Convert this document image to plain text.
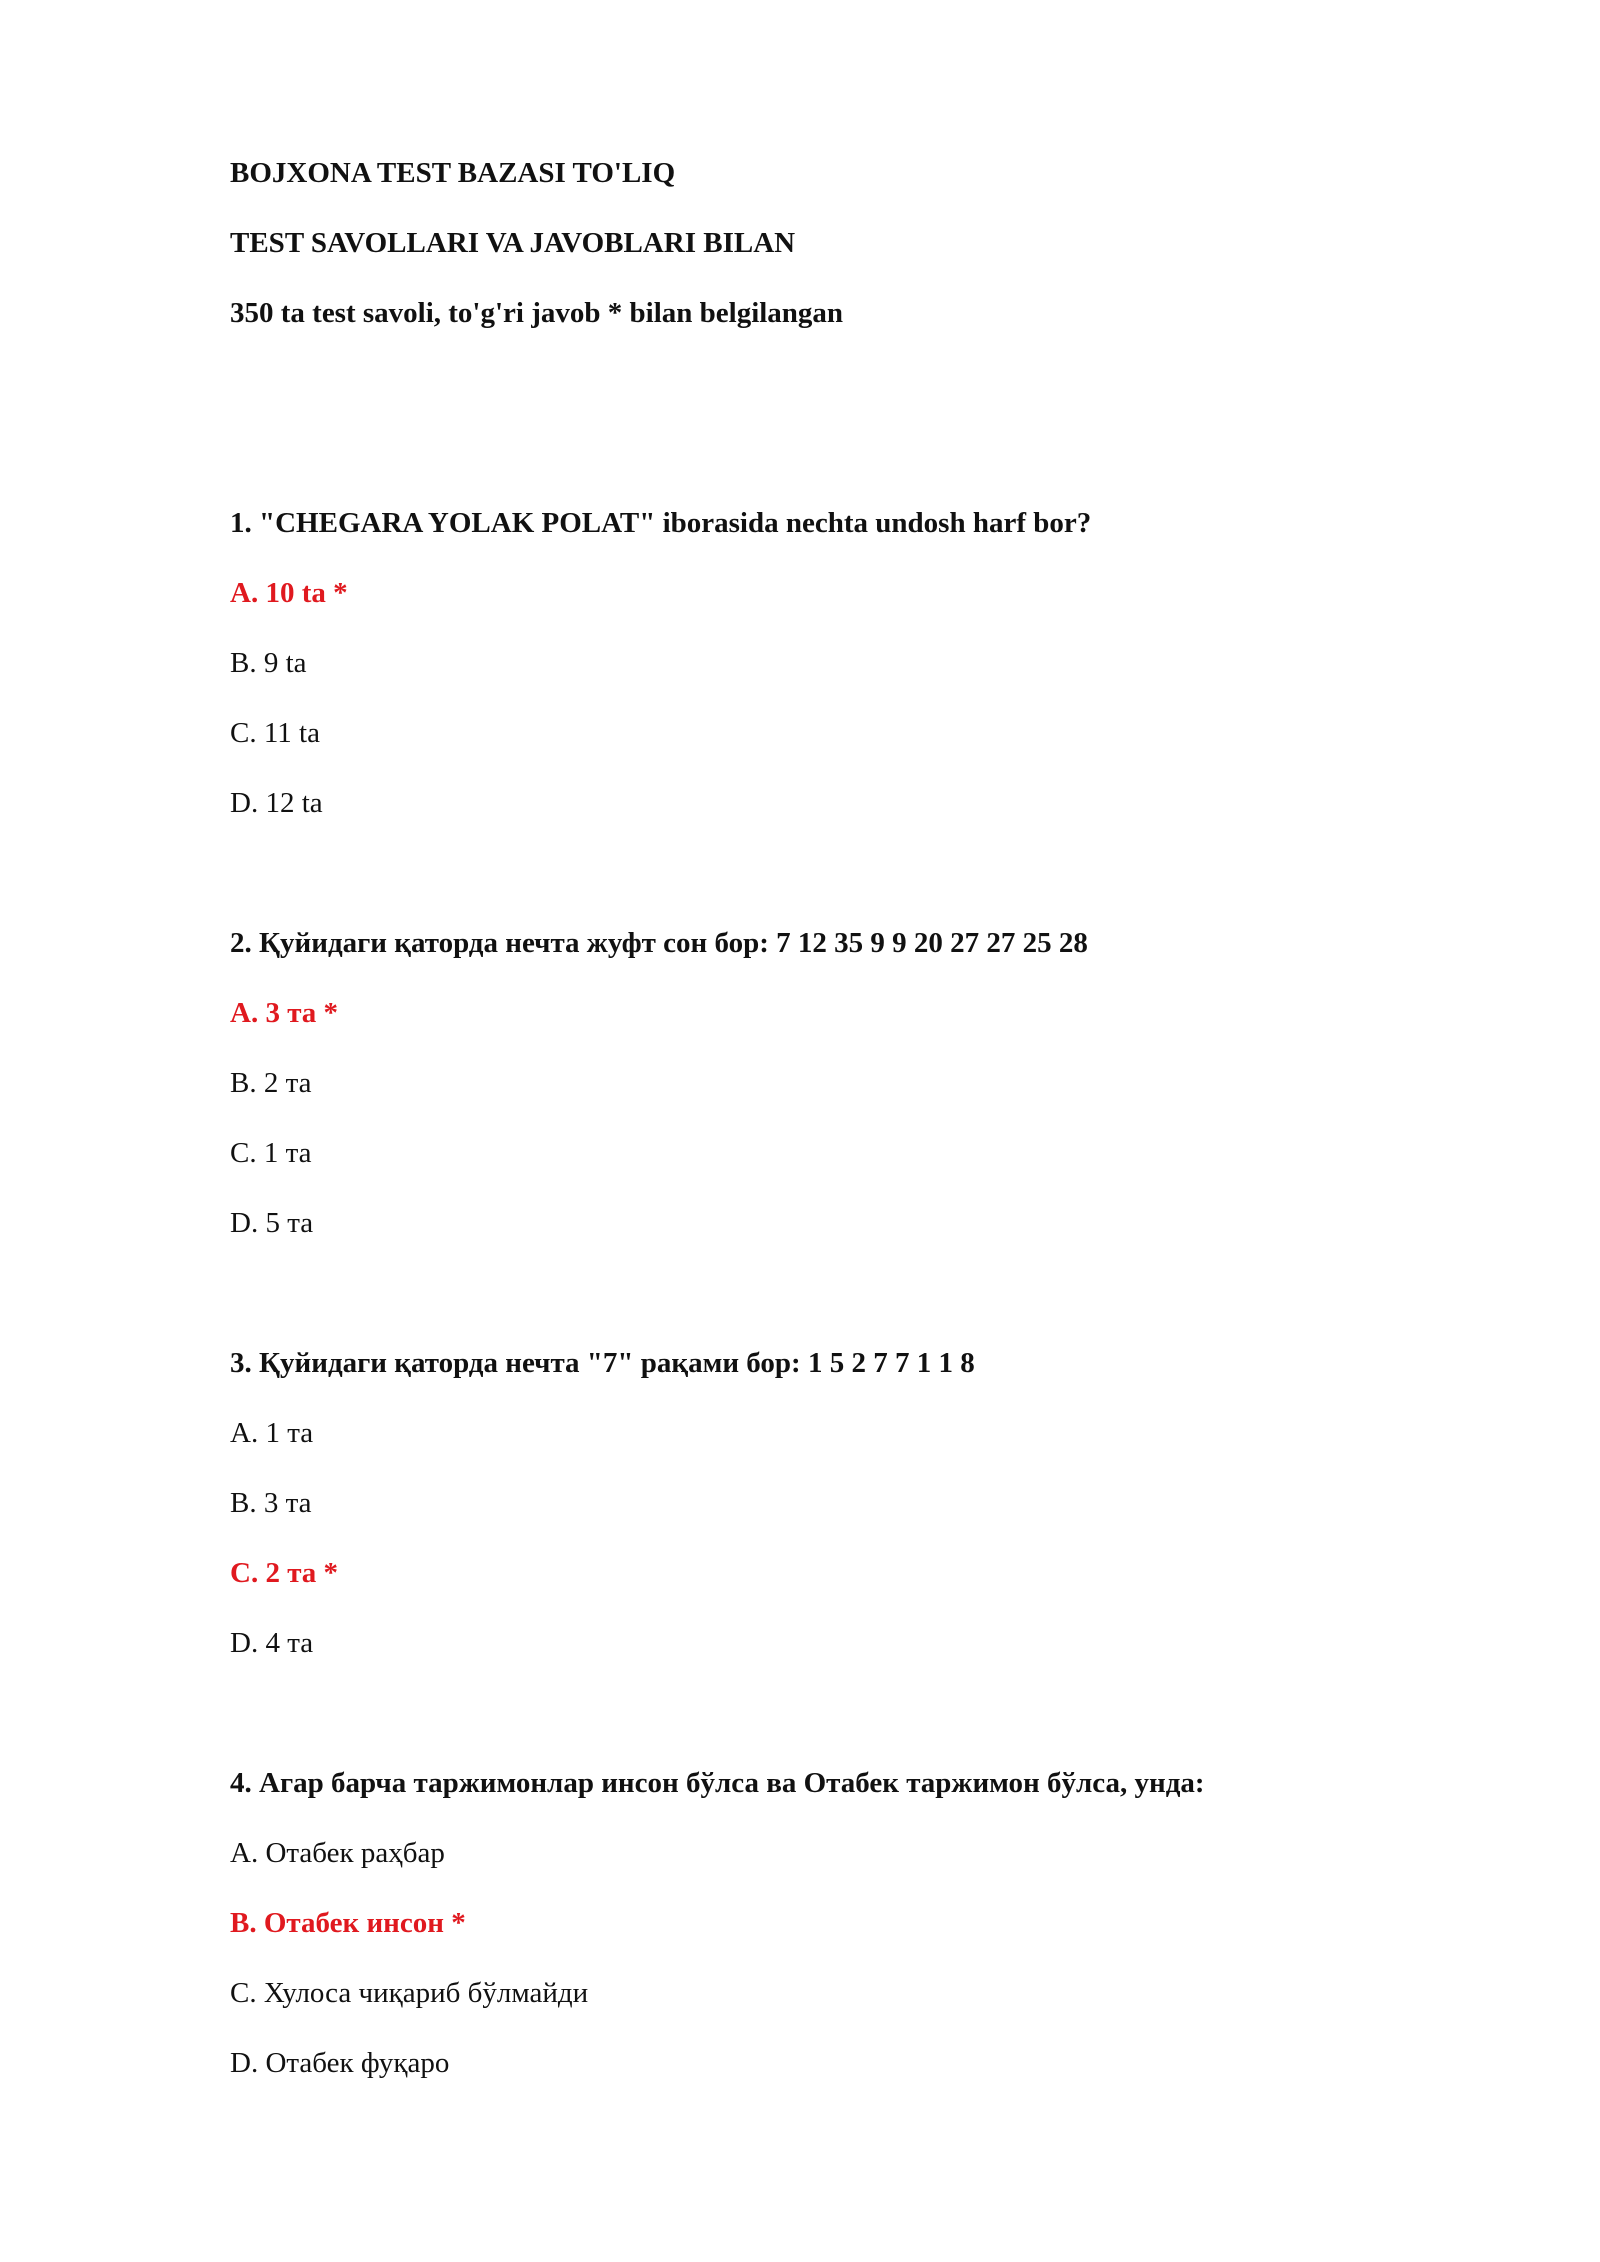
BOJXONA TEST BAZASI TO'LIQ
TEST SAVOLLARI VA JAVOBLARI BILAN
350 ta test savoli, to'g'ri javob * bilan belgilangan
1. "CHEGARA YOLAK POLAT" iborasida nechta undosh harf bor?
A. 10 ta *
B. 9 ta
C. 11 ta
D. 12 ta
2. Қуйидаги қаторда нечта жуфт сон бор: 7 12 35 9 9 20 27 27 25 28
A. 3 та *
B. 2 та
C. 1 та
D. 5 та
3. Қуйидаги қаторда нечта "7" рақами бор: 1 5 2 7 7 1 1 8
A. 1 та
B. 3 та
C. 2 та *
D. 4 та
4. Агар барча таржимонлар инсон бўлса ва Отабек таржимон бўлса, унда:
A. Отабек раҳбар
B. Отабек инсон *
C. Хулоса чиқариб бўлмайди
D. Отабек фуқаро
